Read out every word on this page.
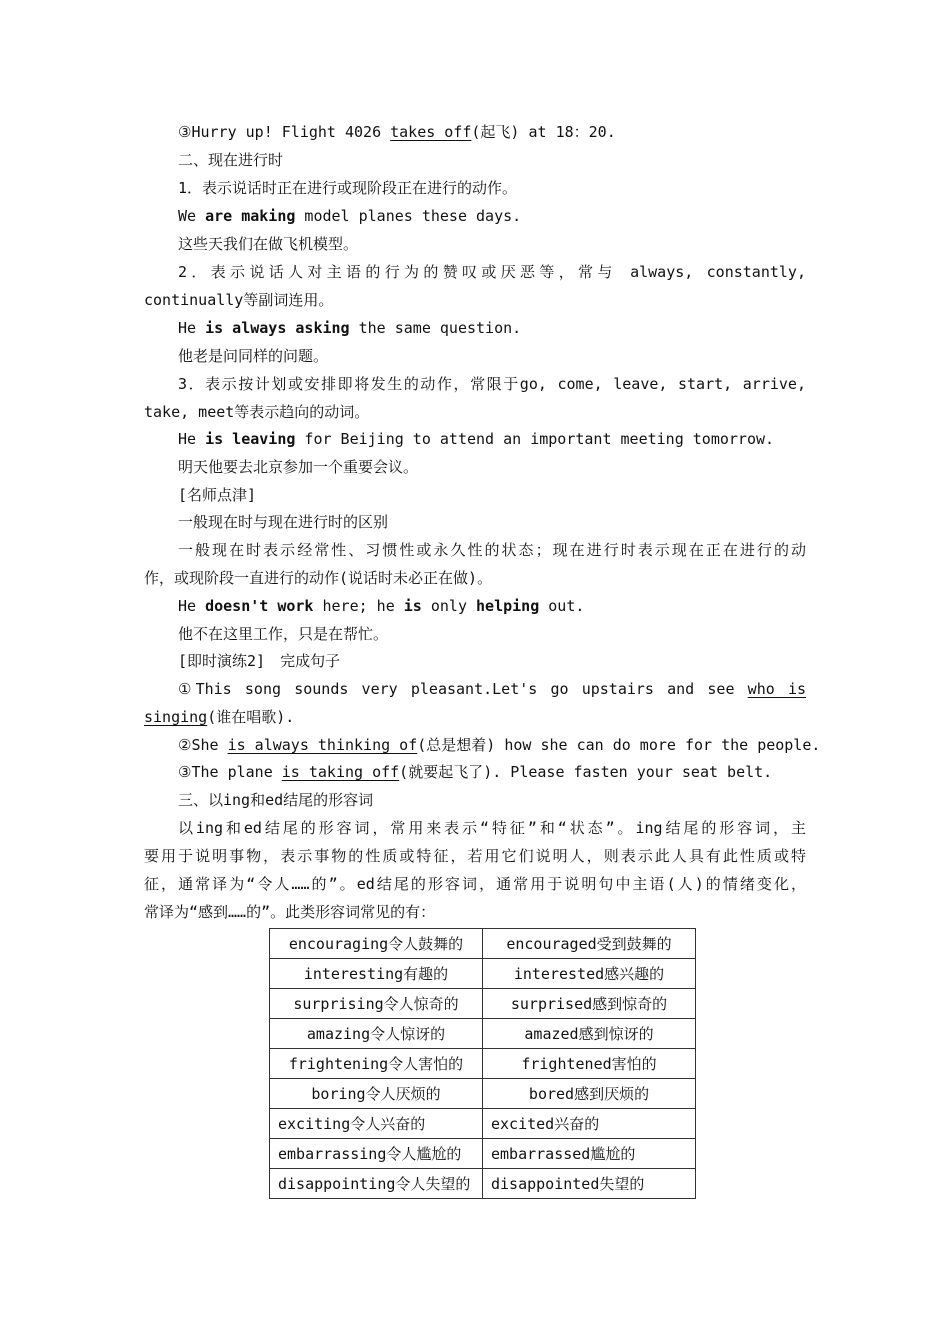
③Hurry up! Flight 4026 takes off(起飞) at 18：20.
二、现在进行时
1．表示说话时正在进行或现阶段正在进行的动作。
We are making model planes these days.
这些天我们在做飞机模型。
2．表示说话人对主语的行为的赞叹或厌恶等，常与 always, constantly,
continually等副词连用。
He is always asking the same question.
他老是问同样的问题。
3．表示按计划或安排即将发生的动作，常限于go, come, leave, start, arrive,
take, meet等表示趋向的动词。
He is leaving for Beijing to attend an important meeting tomorrow.
明天他要去北京参加一个重要会议。
[名师点津]
一般现在时与现在进行时的区别
一般现在时表示经常性、习惯性或永久性的状态；现在进行时表示现在正在进行的动
作，或现阶段一直进行的动作(说话时未必正在做)。
He doesn't work here; he is only helping out.
他不在这里工作，只是在帮忙。
[即时演练2]　完成句子
①This song sounds very pleasant.Let's go upstairs and see who is
singing(谁在唱歌).
②She is always thinking of(总是想着) how she can do more for the people.
③The plane is taking off(就要起飞了). Please fasten your seat belt.
三、以ing和ed结尾的形容词
以ing和ed结尾的形容词，常用来表示“特征”和“状态”。ing结尾的形容词，主
要用于说明事物，表示事物的性质或特征，若用它们说明人，则表示此人具有此性质或特
征，通常译为“令人……的”。ed结尾的形容词，通常用于说明句中主语(人)的情绪变化，
常译为“感到……的”。此类形容词常见的有：
encouraging令人鼓舞的	encouraged受到鼓舞的
interesting有趣的	interested感兴趣的
surprising令人惊奇的	surprised感到惊奇的
amazing令人惊讶的	amazed感到惊讶的
frightening令人害怕的	frightened害怕的
boring令人厌烦的	bored感到厌烦的
exciting令人兴奋的	excited兴奋的
embarrassing令人尴尬的	embarrassed尴尬的
disappointing令人失望的	disappointed失望的
